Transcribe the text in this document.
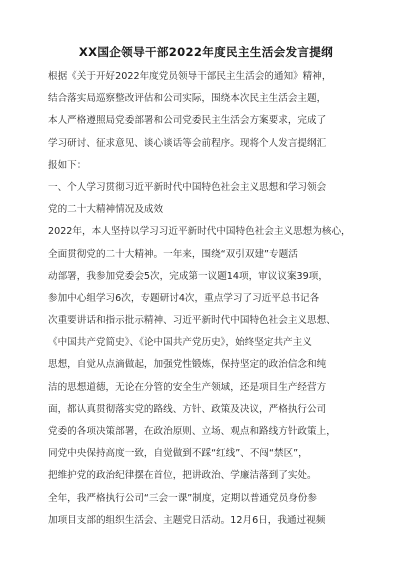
XX国企领导干部2022年度民主生活会发言提纲
根据《关于开好2022年度党员领导干部民主生活会的通知》精神，
结合落实局巡察整改评估和公司实际，围绕本次民主生活会主题，
本人严格遵照局党委部署和公司党委民主生活会方案要求，完成了
学习研讨、征求意见、谈心谈话等会前程序。现将个人发言提纲汇
报如下：
一、个人学习贯彻习近平新时代中国特色社会主义思想和学习领会
党的二十大精神情况及成效
2022年，本人坚持以学习习近平新时代中国特色社会主义思想为核心，
全面贯彻党的二十大精神。一年来，围绕“双引双建”专题活
动部署，我参加党委会5次，完成第一议题14项，审议议案39项，
参加中心组学习6次，专题研讨4次，重点学习了习近平总书记各
次重要讲话和指示批示精神、习近平新时代中国特色社会主义思想、
《中国共产党简史》、《论中国共产党历史》，始终坚定共产主义
思想，自觉从点滴做起，加强党性锻炼，保持坚定的政治信念和纯
洁的思想道德，无论在分管的安全生产领域，还是项目生产经营方
面，都认真贯彻落实党的路线、方针、政策及决议，严格执行公司
党委的各项决策部署，在政治原则、立场、观点和路线方针政策上，
同党中央保持高度一致，自觉做到不踩“红线”、不闯“禁区”，
把维护党的政治纪律摆在首位，把讲政治、学廉洁落到了实处。
全年，我严格执行公司“三会一课”制度，定期以普通党员身份参
加项目支部的组织生活会、主题党日活动。12月6日，我通过视频
